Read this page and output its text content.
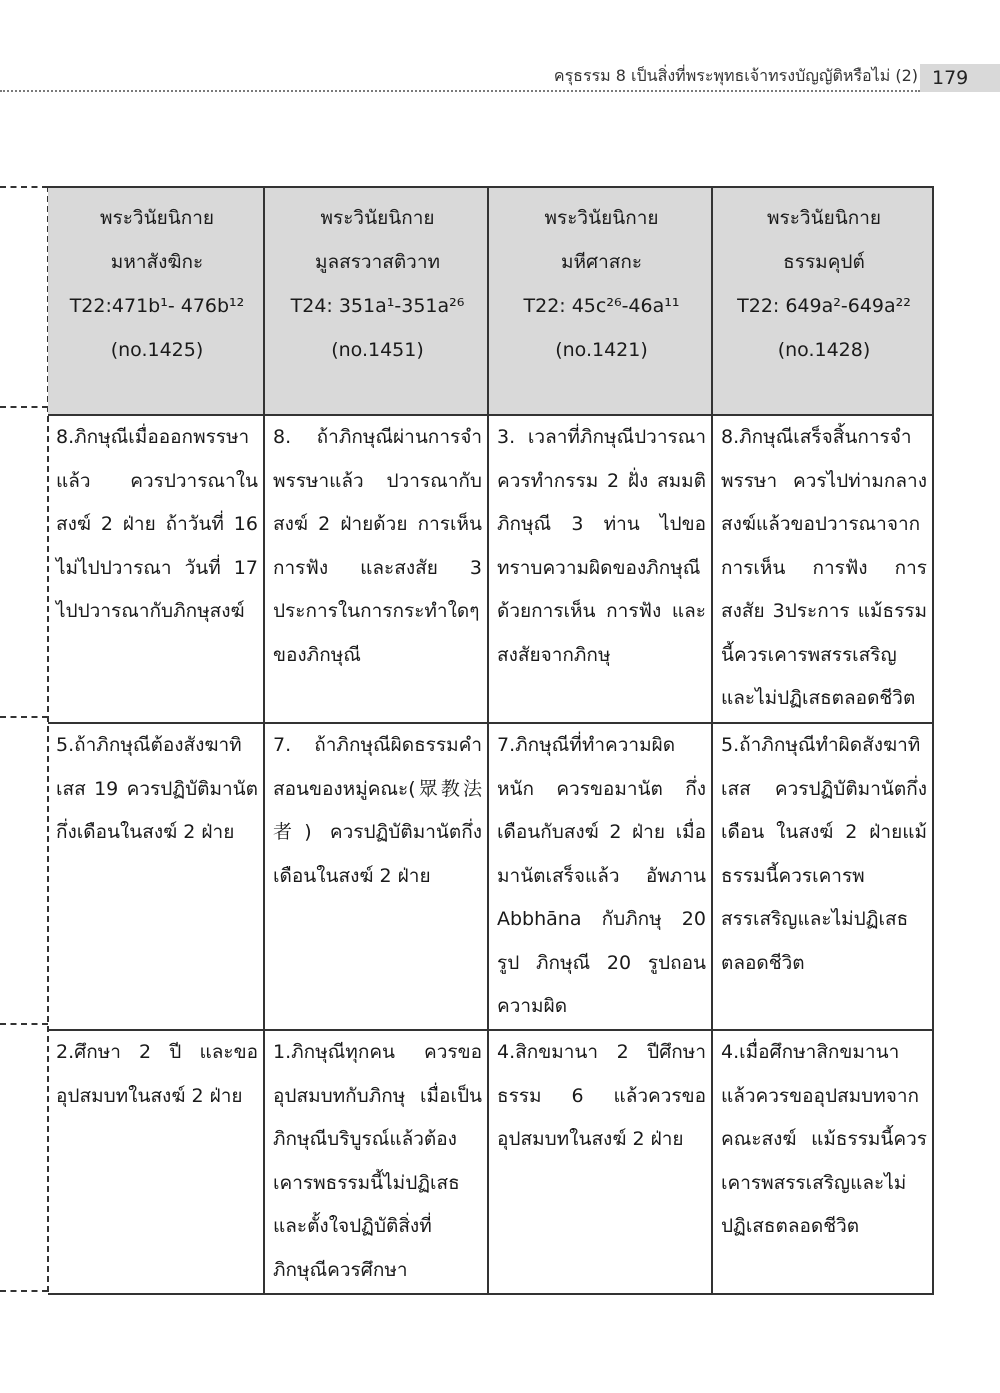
ครุธรรม 8 เป็นสิ่งที่พระพุทธเจ้าทรงบัญญัติหรือไม่ (2) 179
พระวินัยนิกาย
มหาสังฆิกะ
T22:471b¹- 476b¹²
(no.1425)	พระวินัยนิกาย
มูลสรวาสติวาท
T24: 351a¹-351a²⁶
(no.1451)	พระวินัยนิกาย
มหีศาสกะ
T22: 45c²⁶-46a¹¹
(no.1421)	พระวินัยนิกาย
ธรรมคุปต์
T22: 649a²-649a²²
(no.1428)

8.ภิกษุณีเมื่อออกพรรษาแล้ว ควรปวารณาในสงฆ์ 2 ฝ่าย ถ้าวันที่ 16 ไม่ไปปวารณา วันที่ 17 ไปปวารณากับภิกษุสงฆ์	8. ถ้าภิกษุณีผ่านการจำพรรษาแล้ว ปวารณากับสงฆ์ 2 ฝ่ายด้วย การเห็น การฟัง และสงสัย 3 ประการในการกระทำใดๆของภิกษุณี	3. เวลาที่ภิกษุณีปวารณาควรทำกรรม 2 ฝั่ง สมมติภิกษุณี 3 ท่าน ไปขอทราบความผิดของภิกษุณีด้วยการเห็น การฟัง และสงสัยจากภิกษุ	8.ภิกษุณีเสร็จสิ้นการจำพรรษา ควรไปท่ามกลางสงฆ์แล้วขอปวารณาจากการเห็น การฟัง การสงสัย 3ประการ แม้ธรรมนี้ควรเคารพสรรเสริญและไม่ปฏิเสธตลอดชีวิต

5.ถ้าภิกษุณีต้องสังฆาทิเสส 19 ควรปฏิบัติมานัตกึ่งเดือนในสงฆ์ 2 ฝ่าย	7. ถ้าภิกษุณีผิดธรรมคำสอนของหมู่คณะ(眾教法者) ควรปฏิบัติมานัตกึ่งเดือนในสงฆ์ 2 ฝ่าย	7.ภิกษุณีที่ทำความผิดหนัก ควรขอมานัต กึ่งเดือนกับสงฆ์ 2 ฝ่าย เมื่อมานัตเสร็จแล้ว อัพภาน Abbhāna กับภิกษุ 20 รูป ภิกษุณี 20 รูปถอนความผิด	5.ถ้าภิกษุณีทำผิดสังฆาทิเสส ควรปฏิบัติมานัตกึ่งเดือน ในสงฆ์ 2 ฝ่ายแม้ธรรมนี้ควรเคารพสรรเสริญและไม่ปฏิเสธตลอดชีวิต

2.ศึกษา 2 ปี และขออุปสมบทในสงฆ์ 2 ฝ่าย	1.ภิกษุณีทุกคน ควรขออุปสมบทกับภิกษุ เมื่อเป็นภิกษุณีบริบูรณ์แล้วต้องเคารพธรรมนี้ไม่ปฏิเสธ และตั้งใจปฏิบัติสิ่งที่ภิกษุณีควรศึกษา	4.สิกขมานา 2 ปีศึกษาธรรม 6 แล้วควรขออุปสมบทในสงฆ์ 2 ฝ่าย	4.เมื่อศึกษาสิกขมานาแล้วควรขออุปสมบทจากคณะสงฆ์ แม้ธรรมนี้ควรเคารพสรรเสริญและไม่ปฏิเสธตลอดชีวิต
